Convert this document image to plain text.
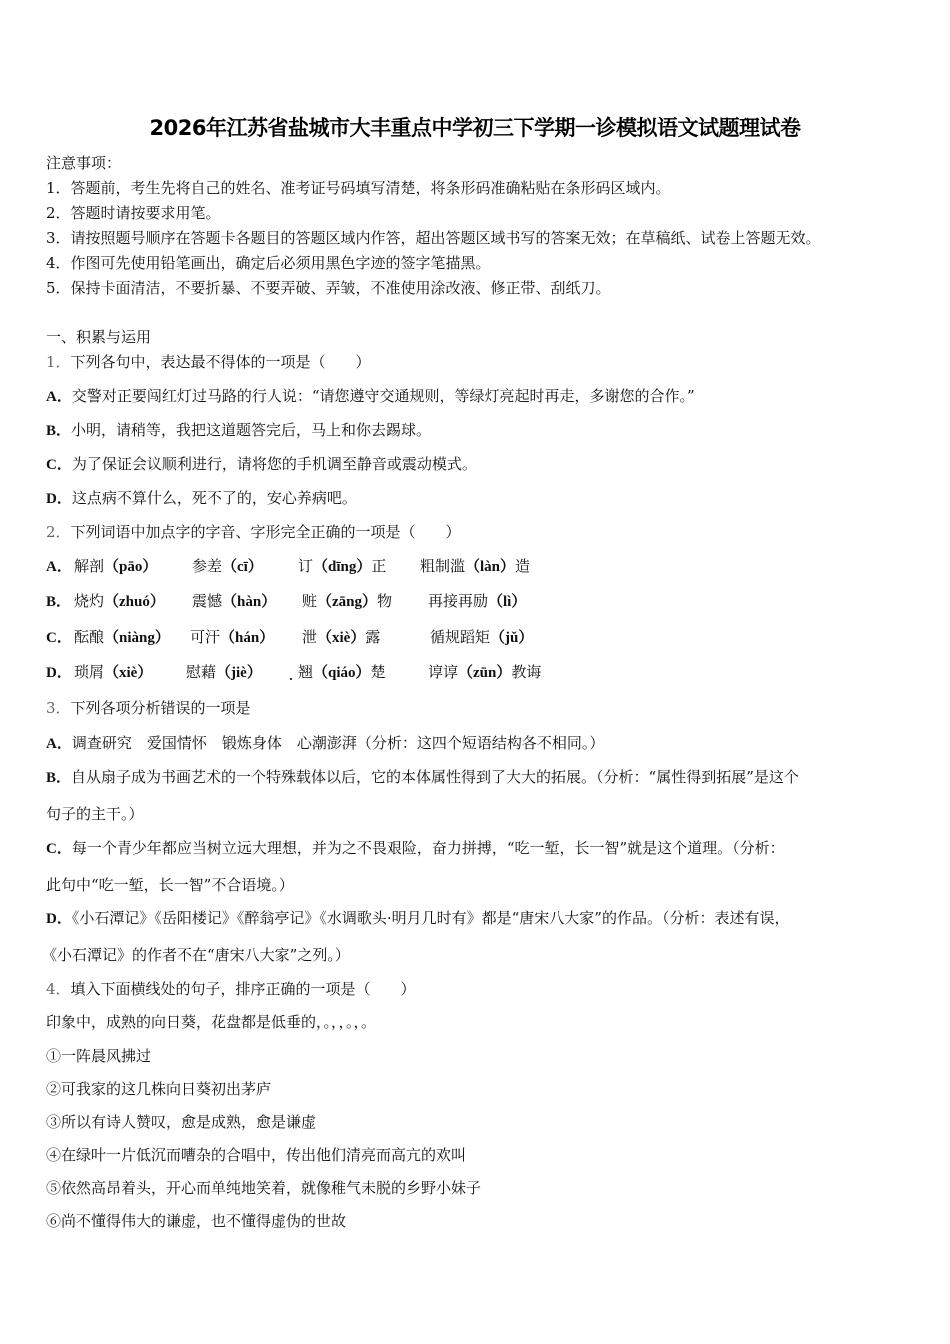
2026年江苏省盐城市大丰重点中学初三下学期一诊模拟语文试题理试卷
注意事项：
1．答题前，考生先将自己的姓名、准考证号码填写清楚，将条形码准确粘贴在条形码区域内。
2．答题时请按要求用笔。
3．请按照题号顺序在答题卡各题目的答题区域内作答，超出答题区域书写的答案无效；在草稿纸、试卷上答题无效。
4．作图可先使用铅笔画出，确定后必须用黑色字迹的签字笔描黑。
5．保持卡面清洁，不要折暴、不要弄破、弄皱，不准使用涂改液、修正带、刮纸刀。
一、积累与运用
1．下列各句中，表达最不得体的一项是（　　）
A．交警对正要闯红灯过马路的行人说：“请您遵守交通规则，等绿灯亮起时再走，多谢您的合作。”
B．小明，请稍等，我把这道题答完后，马上和你去踢球。
C．为了保证会议顺利进行，请将您的手机调至静音或震动模式。
D．这点病不算什么，死不了的，安心养病吧。
2．下列词语中加点字的字音、字形完全正确的一项是（　　）
A． 解剖（pāo） 参差（cī） 订（dīng）正 粗制滥（làn）造
B． 烧灼（zhuó） 震憾（hàn） 赃（zāng）物 再接再励（lì）
C． 酝酿（niàng） 可汗（hán） 泄（xiè）露	循规蹈矩（jǔ）
D． 琐屑（xiè） 慰藉（jiè） 翘（qiáo）楚	谆谆（zūn）教诲
3．下列各项分析错误的一项是
A．调查研究　爱国情怀　锻炼身体　心潮澎湃（分析：这四个短语结构各不相同。）
B．自从扇子成为书画艺术的一个特殊载体以后，它的本体属性得到了大大的拓展。（分析：“属性得到拓展”是这个
句子的主干。）
C．每一个青少年都应当树立远大理想，并为之不畏艰险，奋力拼搏，“吃一堑，长一智”就是这个道理。（分析：
此句中“吃一堑，长一智”不合语境。）
D．《小石潭记》《岳阳楼记》《醉翁亭记》《水调歌头·明月几时有》都是“唐宋八大家”的作品。（分析：表述有误，
《小石潭记》的作者不在“唐宋八大家”之列。）
4．填入下面横线处的句子，排序正确的一项是（　　）
印象中，成熟的向日葵，花盘都是低垂的，。，，。，。
①一阵晨风拂过
②可我家的这几株向日葵初出茅庐
③所以有诗人赞叹，愈是成熟，愈是谦虚
④在绿叶一片低沉而嘈杂的合唱中，传出他们清亮而高亢的欢叫
⑤依然高昂着头，开心而单纯地笑着，就像稚气未脱的乡野小妹子
⑥尚不懂得伟大的谦虚，也不懂得虚伪的世故
